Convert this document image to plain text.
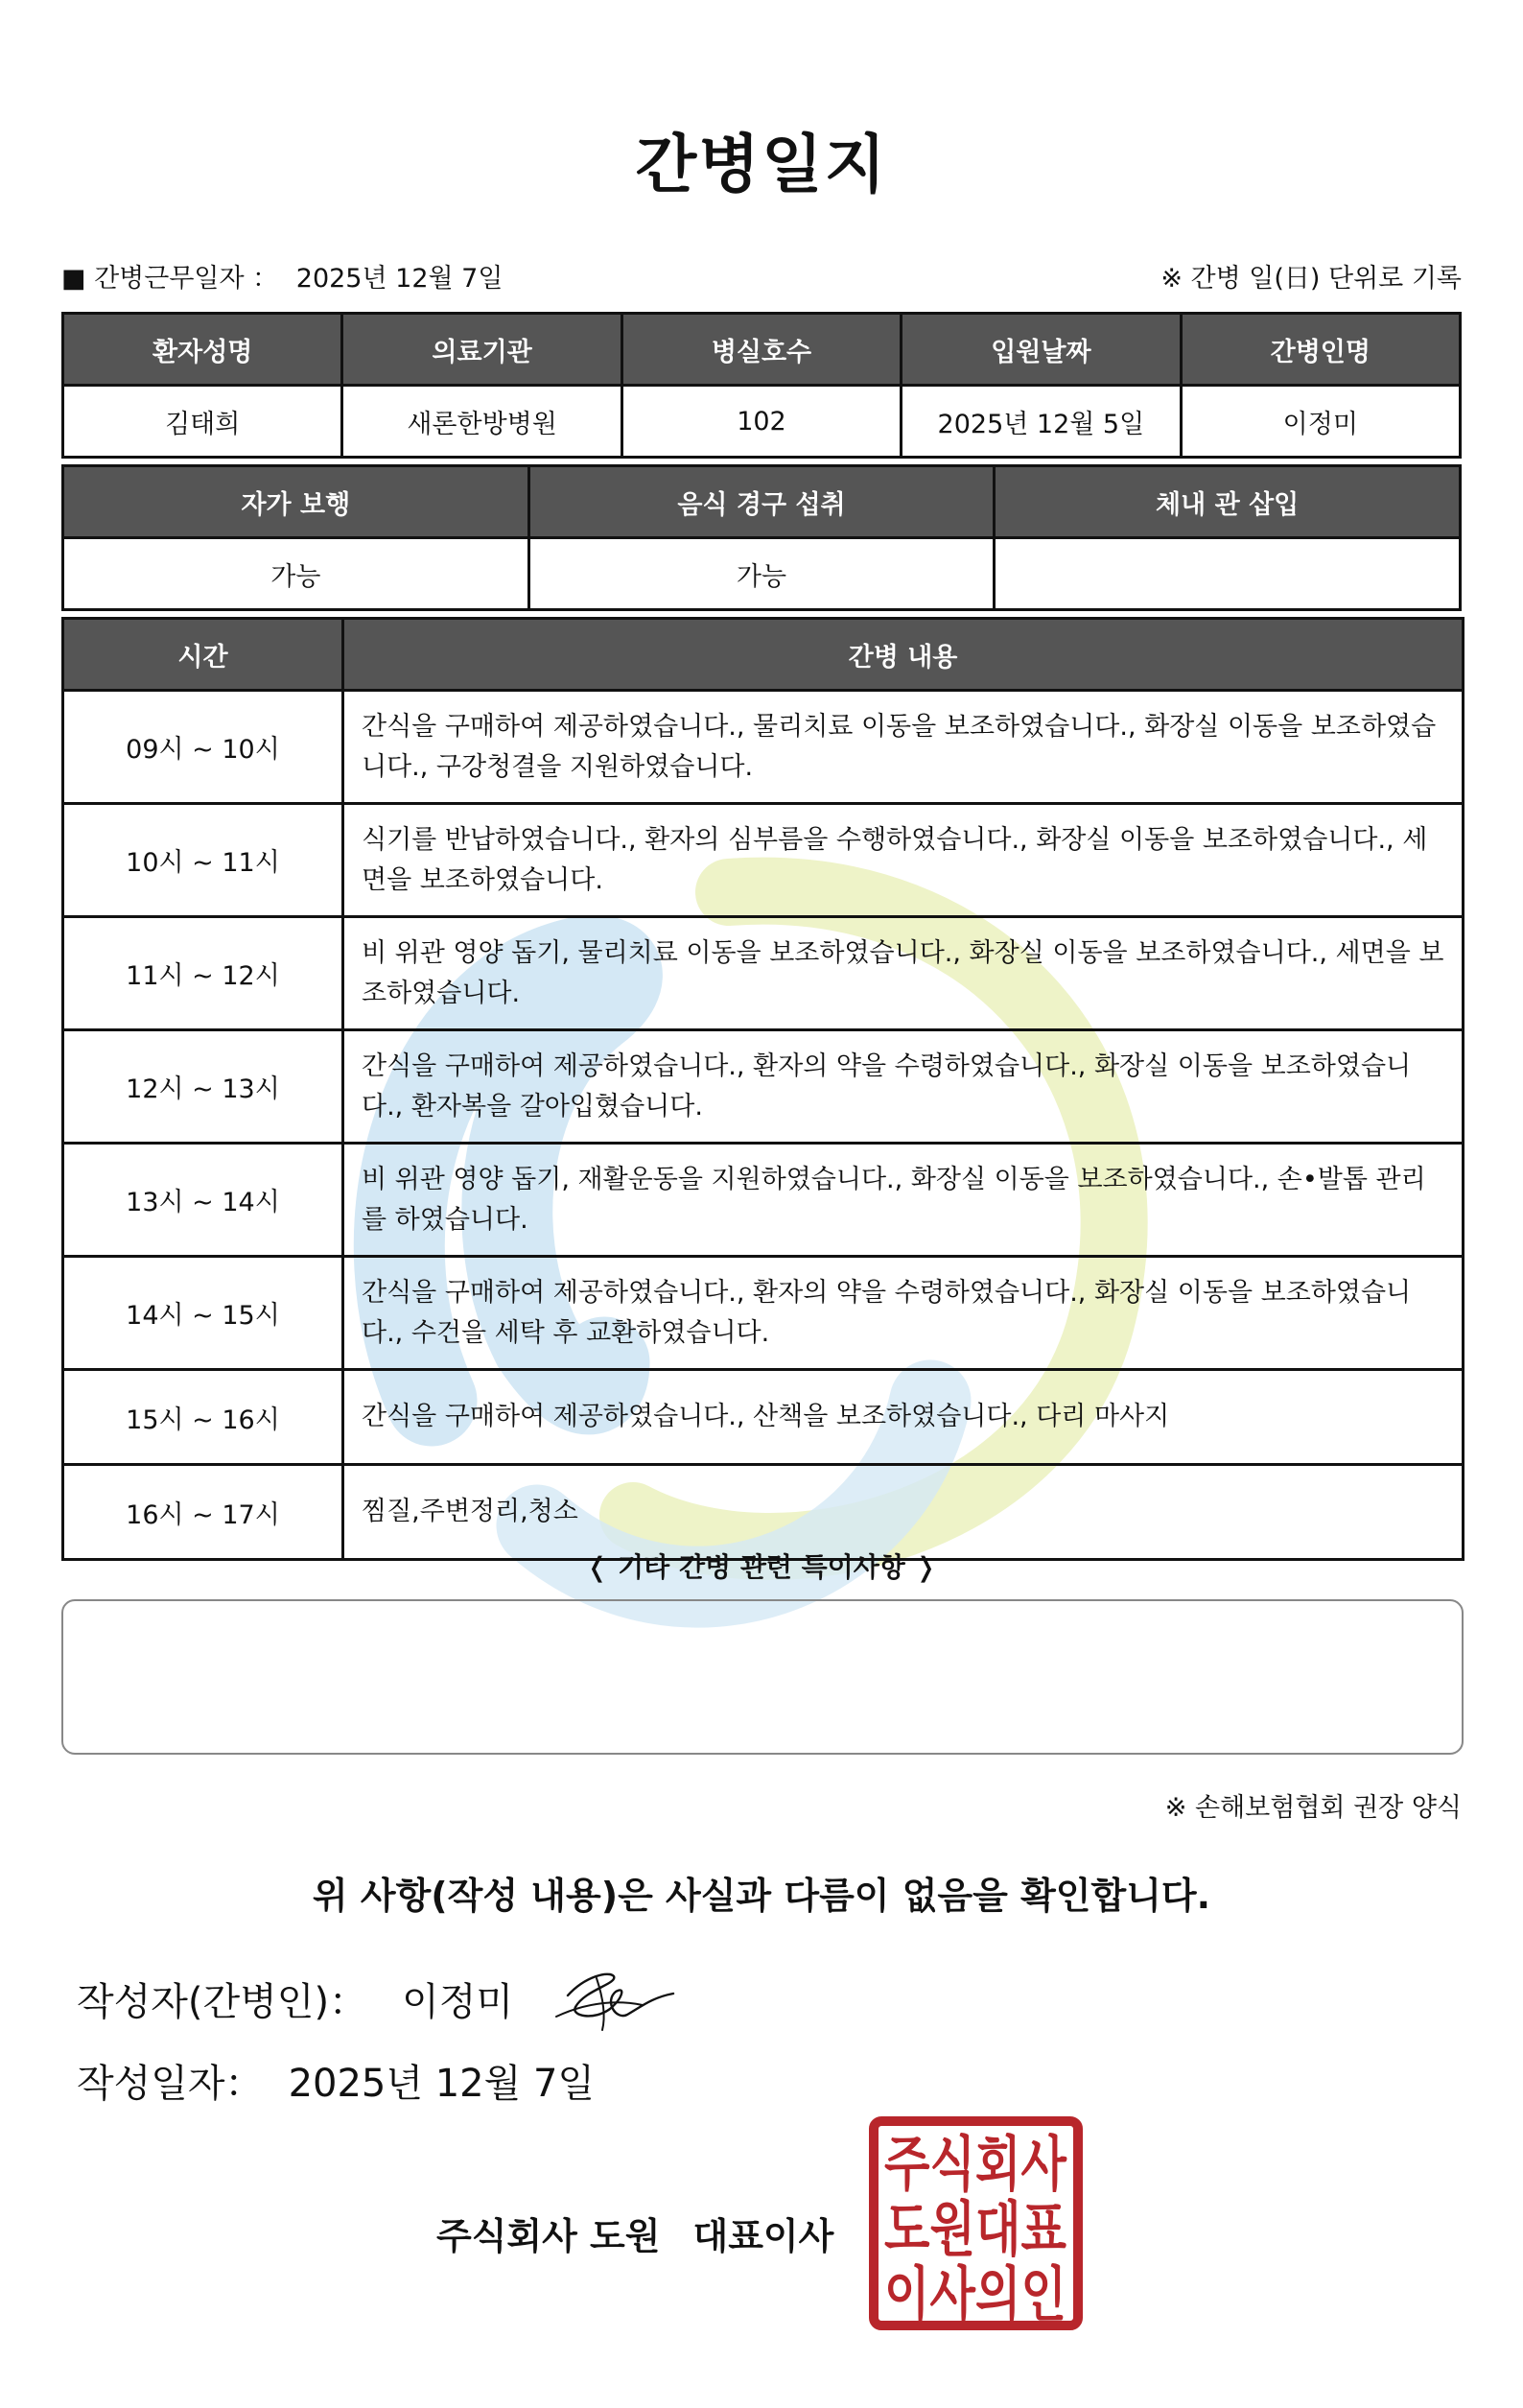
간병일지
■ 간병근무일자 ： 2025년 12월 7일	※ 간병 일(日) 단위로 기록
환자성명	의료기관	병실호수	입원날짜	간병인명
김태희	새론한방병원	102	2025년 12월 5일	이정미
자가 보행	음식 경구 섭취	체내 관 삽입
가능	가능	
시간	간병 내용
09시 ~ 10시	간식을 구매하여 제공하였습니다., 물리치료 이동을 보조하였습니다., 화장실 이동을 보조하였습니다., 구강청결을 지원하였습니다.
10시 ~ 11시	식기를 반납하였습니다., 환자의 심부름을 수행하였습니다., 화장실 이동을 보조하였습니다., 세면을 보조하였습니다.
11시 ~ 12시	비 위관 영양 돕기, 물리치료 이동을 보조하였습니다., 화장실 이동을 보조하였습니다., 세면을 보조하였습니다.
12시 ~ 13시	간식을 구매하여 제공하였습니다., 환자의 약을 수령하였습니다., 화장실 이동을 보조하였습니다., 환자복을 갈아입혔습니다.
13시 ~ 14시	비 위관 영양 돕기, 재활운동을 지원하였습니다., 화장실 이동을 보조하였습니다., 손•발톱 관리를 하였습니다.
14시 ~ 15시	간식을 구매하여 제공하였습니다., 환자의 약을 수령하였습니다., 화장실 이동을 보조하였습니다., 수건을 세탁 후 교환하였습니다.
15시 ~ 16시	간식을 구매하여 제공하였습니다., 산책을 보조하였습니다., 다리 마사지
16시 ~ 17시	찜질,주변정리,청소
❬ 기타 간병 관련 특이사항 ❭
※ 손해보험협회 권장 양식
위 사항(작성 내용)은 사실과 다름이 없음을 확인합니다.
작성자(간병인)： 이정미
작성일자： 2025년 12월 7일
주식회사 도원 대표이사
주식회사
도원대표
이사의인
